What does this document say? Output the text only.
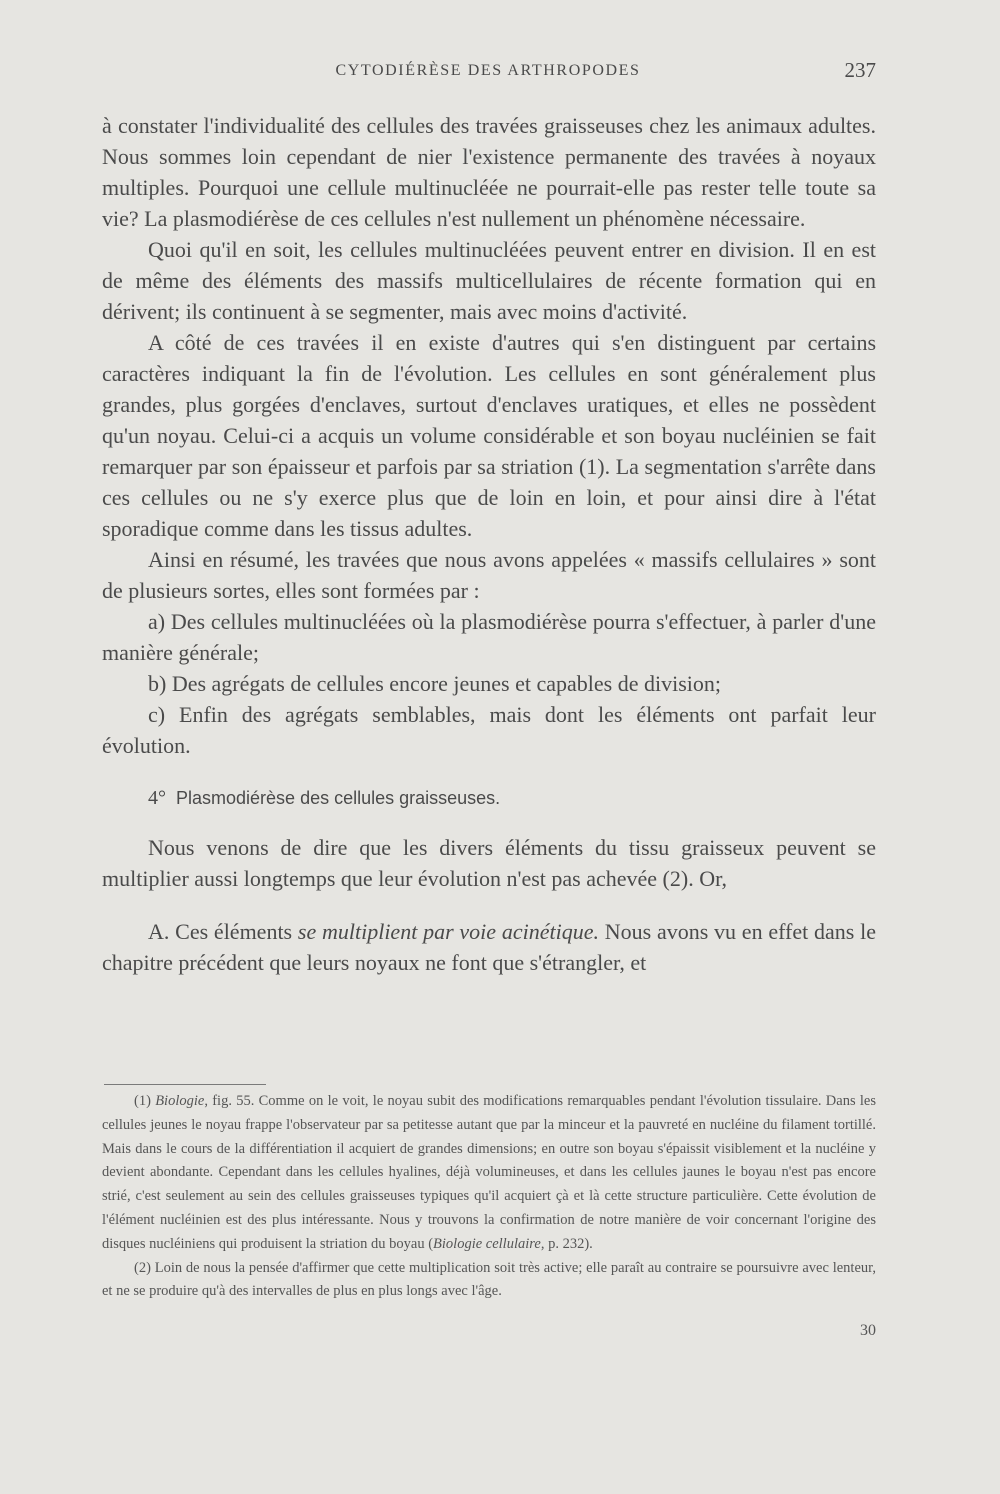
CYTODIÉRÈSE DES ARTHROPODES	237

à constater l'individualité des cellules des travées graisseuses chez les animaux adultes. Nous sommes loin cependant de nier l'existence permanente des travées à noyaux multiples. Pourquoi une cellule multinucléée ne pourrait-elle pas rester telle toute sa vie? La plasmodiérèse de ces cellules n'est nullement un phénomène nécessaire.

Quoi qu'il en soit, les cellules multinucléées peuvent entrer en division. Il en est de même des éléments des massifs multicellulaires de récente formation qui en dérivent; ils continuent à se segmenter, mais avec moins d'activité.

A côté de ces travées il en existe d'autres qui s'en distinguent par certains caractères indiquant la fin de l'évolution. Les cellules en sont généralement plus grandes, plus gorgées d'enclaves, surtout d'enclaves uratiques, et elles ne possèdent qu'un noyau. Celui-ci a acquis un volume considérable et son boyau nucléinien se fait remarquer par son épaisseur et parfois par sa striation (1). La segmentation s'arrête dans ces cellules ou ne s'y exerce plus que de loin en loin, et pour ainsi dire à l'état sporadique comme dans les tissus adultes.

Ainsi en résumé, les travées que nous avons appelées « massifs cellulaires » sont de plusieurs sortes, elles sont formées par :

a) Des cellules multinucléées où la plasmodiérèse pourra s'effectuer, à parler d'une manière générale;

b) Des agrégats de cellules encore jeunes et capables de division;

c) Enfin des agrégats semblables, mais dont les éléments ont parfait leur évolution.

4° Plasmodiérèse des cellules graisseuses.

Nous venons de dire que les divers éléments du tissu graisseux peuvent se multiplier aussi longtemps que leur évolution n'est pas achevée (2). Or,

A. Ces éléments se multiplient par voie acinétique. Nous avons vu en effet dans le chapitre précédent que leurs noyaux ne font que s'étrangler, et

(1) Biologie, fig. 55. Comme on le voit, le noyau subit des modifications remarquables pendant l'évolution tissulaire. Dans les cellules jeunes le noyau frappe l'observateur par sa petitesse autant que par la minceur et la pauvreté en nucléine du filament tortillé. Mais dans le cours de la différentiation il acquiert de grandes dimensions; en outre son boyau s'épaissit visiblement et la nucléine y devient abondante. Cependant dans les cellules hyalines, déjà volumineuses, et dans les cellules jaunes le boyau n'est pas encore strié, c'est seulement au sein des cellules graisseuses typiques qu'il acquiert çà et là cette structure particulière. Cette évolution de l'élément nucléinien est des plus intéressante. Nous y trouvons la confirmation de notre manière de voir concernant l'origine des disques nucléiniens qui produisent la striation du boyau (Biologie cellulaire, p. 232).

(2) Loin de nous la pensée d'affirmer que cette multiplication soit très active; elle paraît au contraire se poursuivre avec lenteur, et ne se produire qu'à des intervalles de plus en plus longs avec l'âge.

30
